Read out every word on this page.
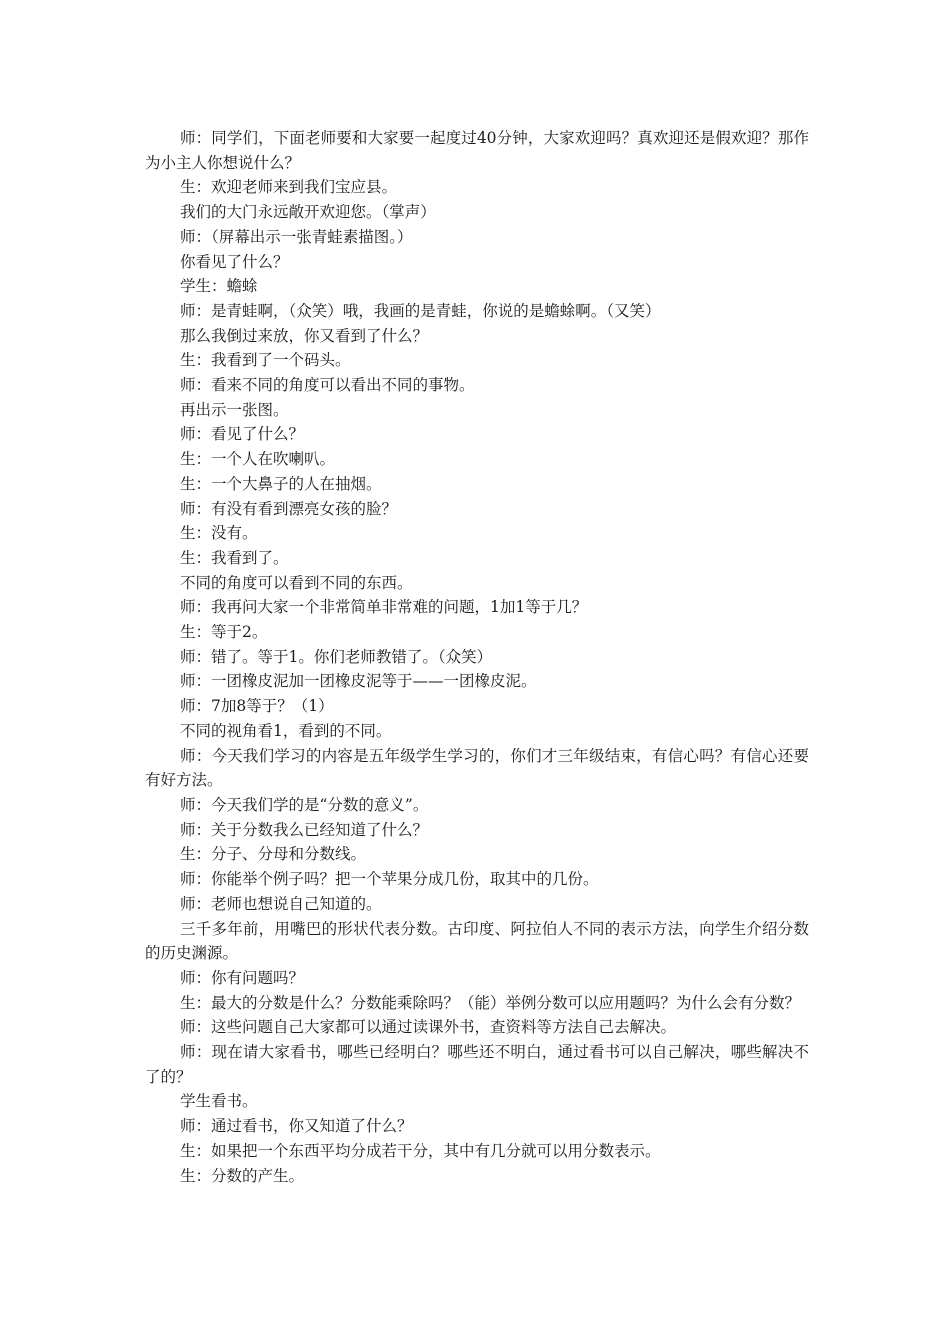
师：同学们，下面老师要和大家要一起度过40分钟，大家欢迎吗？真欢迎还是假欢迎？那作为小主人你想说什么？

生：欢迎老师来到我们宝应县。

我们的大门永远敞开欢迎您。（掌声）

师：（屏幕出示一张青蛙素描图。）

你看见了什么？

学生：蟾蜍

师：是青蛙啊，（众笑）哦，我画的是青蛙，你说的是蟾蜍啊。（又笑）

那么我倒过来放，你又看到了什么？

生：我看到了一个码头。

师：看来不同的角度可以看出不同的事物。

再出示一张图。

师：看见了什么？

生：一个人在吹喇叭。

生：一个大鼻子的人在抽烟。

师：有没有看到漂亮女孩的脸？

生：没有。

生：我看到了。

不同的角度可以看到不同的东西。

师：我再问大家一个非常简单非常难的问题，1加1等于几？

生：等于2。

师：错了。等于1。你们老师教错了。（众笑）

师：一团橡皮泥加一团橡皮泥等于——一团橡皮泥。

师：7加8等于？（1）

不同的视角看1，看到的不同。

师：今天我们学习的内容是五年级学生学习的，你们才三年级结束，有信心吗？有信心还要有好方法。

师：今天我们学的是“分数的意义”。

师：关于分数我么已经知道了什么？

生：分子、分母和分数线。

师：你能举个例子吗？把一个苹果分成几份，取其中的几份。

师：老师也想说自己知道的。

三千多年前，用嘴巴的形状代表分数。古印度、阿拉伯人不同的表示方法，向学生介绍分数的历史渊源。

师：你有问题吗？

生：最大的分数是什么？分数能乘除吗？（能）举例分数可以应用题吗？为什么会有分数？

师：这些问题自己大家都可以通过读课外书，查资料等方法自己去解决。

师：现在请大家看书，哪些已经明白？哪些还不明白，通过看书可以自己解决，哪些解决不了的？

学生看书。

师：通过看书，你又知道了什么？

生：如果把一个东西平均分成若干分，其中有几分就可以用分数表示。

生：分数的产生。
